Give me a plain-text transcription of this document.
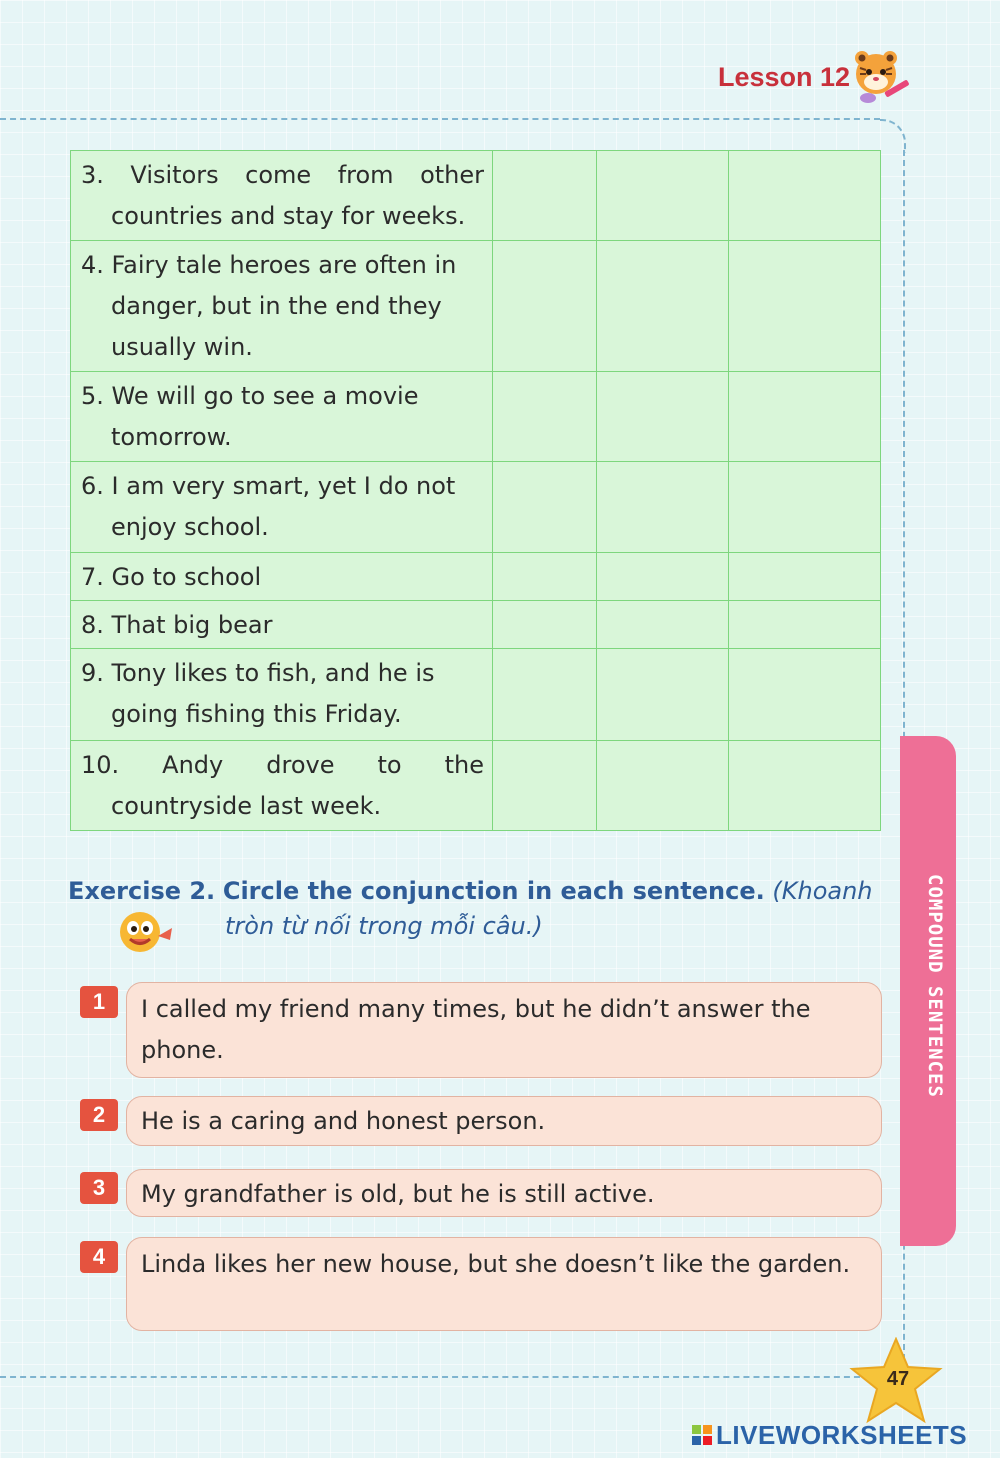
Lesson 12
3. Visitors come from other countries and stay for weeks.			

4. Fairy tale heroes are often in danger, but in the end they usually win.			

5. We will go to see a movie tomorrow.			

6. I am very smart, yet I do not enjoy school.			

7. Go to school			

8. That big bear			

9. Tony likes to fish, and he is going fishing this Friday.			

10. Andy drove to the countryside last week.			

Exercise 2. Circle the conjunction in each sentence. (Khoanh
tròn từ nối trong mỗi câu.)
1	I called my friend many times, but he didn’t answer the phone.
2	He is a caring and honest person.
3	My grandfather is old, but he is still active.
4	Linda likes her new house, but she doesn’t like the garden.
COMPOUND SENTENCES
47
LIVEWORKSHEETS
